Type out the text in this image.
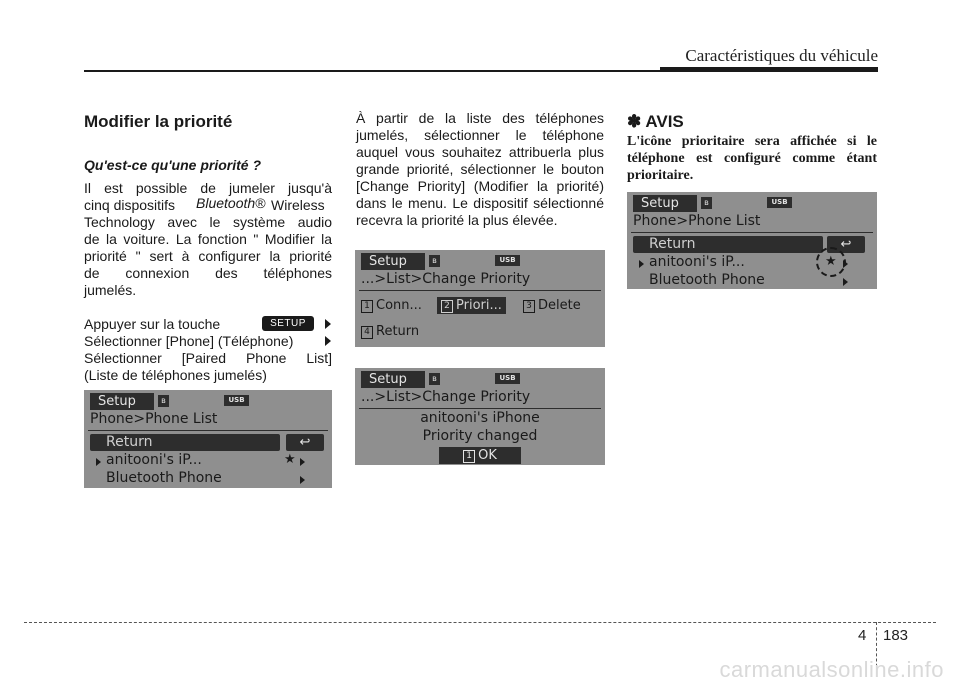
Caractéristiques du véhicule
Modifier la priorité
Qu'est-ce qu'une priorité ?
Il est possible de jumeler jusqu'à
cinq dispositifs Bluetooth® Wireless
Technology avec le système audio
de la voiture. La fonction " Modifier la
priorité " sert à configurer la priorité
de connexion des téléphones
jumelés.
Appuyer sur la touche	SETUP
Sélectionner [Phone] (Téléphone)
Sélectionner [Paired Phone List]
(Liste de téléphones jumelés)
Setup	ʙ	USB
Phone>Phone List
Return	↩
anitooni's iP...	★
Bluetooth Phone
À partir de la liste des téléphones jumelés, sélectionner le téléphone auquel vous souhaitez attribuerla plus grande priorité, sélectionner le bouton [Change Priority] (Modifier la priorité) dans le menu. Le dispositif sélectionné recevra la priorité la plus élevée.
Setup	ʙ	USB
...>List>Change Priority
1 Conn...	2 Priori...	3 Delete
4 Return
Setup	ʙ	USB
...>List>Change Priority
anitooni's iPhone
Priority changed
1 OK
✽ AVIS
L'icône prioritaire sera affichée si le téléphone est configuré comme étant prioritaire.
Setup	ʙ	USB
Phone>Phone List
Return	↩
anitooni's iP...	★
Bluetooth Phone
4 183
carmanualsonline.info
